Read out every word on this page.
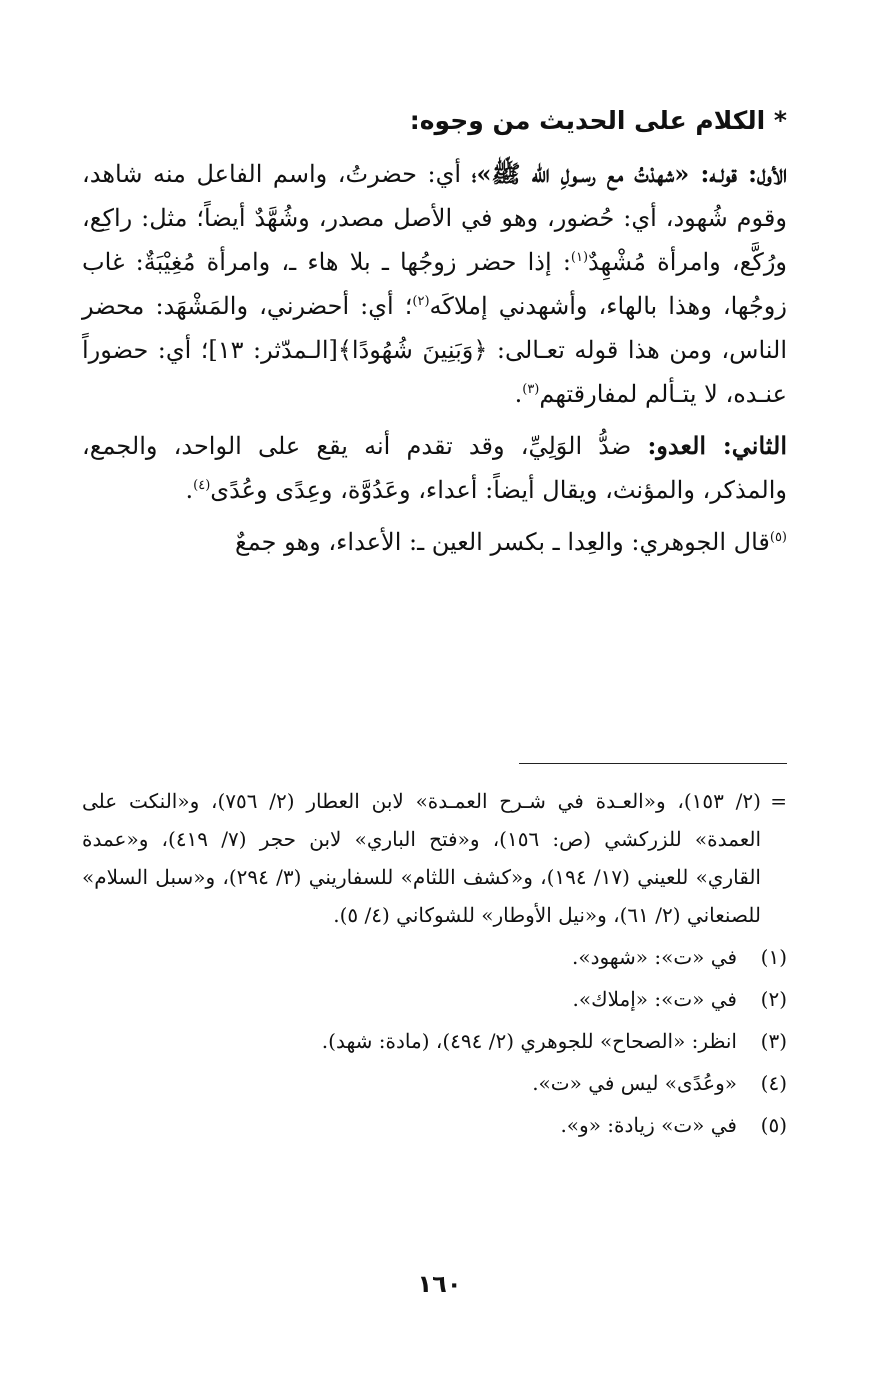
* الكلام على الحديث من وجوه:

الأول: قولـه: «شهدْتُ مع رسـولِ الله ﷺ»؛ أي: حضرتُ، واسم الفاعل منه شاهد، وقوم شُهود، أي: حُضور، وهو في الأصل مصدر، وشُهَّدٌ أيضاً؛ مثل: راكِع، ورُكَّع، وامرأة مُشْهِدٌ$^{(١)}$: إذا حضر زوجُها ـ بلا هاء ـ، وامرأة مُغِيْبَةٌ: غاب زوجُها، وهذا بالهاء، وأشهدني إملاكَه$^{(٢)}$؛ أي: أحضرني، والمَشْهَد: محضر الناس، ومن هذا قوله تعـالى: ﴿وَبَنِينَ شُهُودًا﴾[الـمدّثر: ١٣]؛ أي: حضوراً عنـده، لا يتـألم لمفارقتهم$^{(٣)}$.

الثاني: العدو: ضدُّ الوَلِيِّ، وقد تقدم أنه يقع على الواحد، والجمع، والمذكر، والمؤنث، ويقال أيضاً: أعداء، وعَدُوَّة، وعِدًى وعُدًى$^{(٤)}$.

$^{(٥)}$قال الجوهري: والعِدا ـ بكسر العين ـ: الأعداء، وهو جمعٌ

=
(٢/ ١٥٣)، و«العـدة في شـرح العمـدة» لابن العطار (٢/ ٧٥٦)، و«النكت على العمدة» للزركشي (ص: ١٥٦)، و«فتح الباري» لابن حجر (٧/ ٤١٩)، و«عمدة القاري» للعيني (١٧/ ١٩٤)، و«كشف اللثام» للسفاريني (٣/ ٢٩٤)، و«سبل السلام» للصنعاني (٢/ ٦١)، و«نيل الأوطار» للشوكاني (٤/ ٥).
(١)
في «ت»: «شهود».
(٢)
في «ت»: «إملاك».
(٣)
انظر: «الصحاح» للجوهري (٢/ ٤٩٤)، (مادة: شهد).
(٤)
«وعُدًى» ليس في «ت».
(٥)
في «ت» زيادة: «و».
١٦٠
